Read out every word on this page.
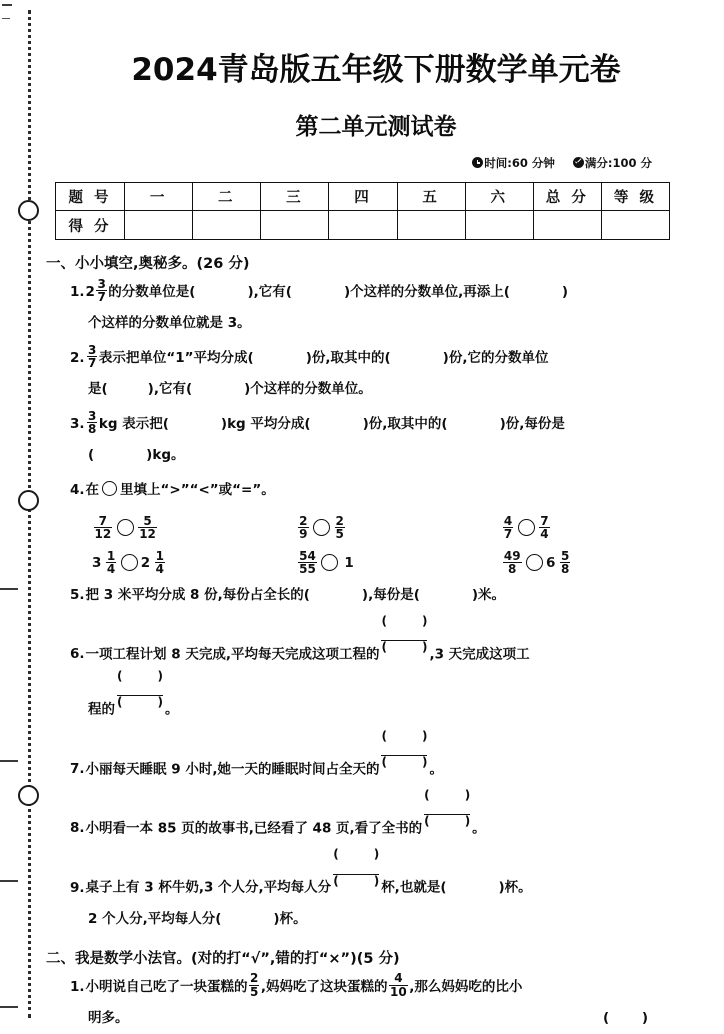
2024青岛版五年级下册数学单元卷
第二单元测试卷
时间:60 分钟	满分:100 分
题 号	一	二	三	四	五	六	总 分	等 级
得 分								
一、小小填空,奥秘多。(26 分)
$1.2 \frac{3}{7}$ 的分数单位是(	),它有(	)个这样的分数单位,再添上(	)
个这样的分数单位就是 3。
2. $\frac{3}{7}$ 表示把单位“1”平均分成(	)份,取其中的(	)份,它的分数单位
是(	),它有(	)个这样的分数单位。
3. $\frac{3}{8}$ kg 表示把(	)kg 平均分成(	)份,取其中的(	)份,每份是
(	)kg。
4.在 里填上“>”“<”或“=”。
$\frac{7}{12} \frac{5}{12}$	$\frac{2}{9} \frac{2}{5}$	$\frac{4}{7} \frac{7}{4}$
$3 \frac{1}{4} 2 \frac{1}{4}$	$\frac{54}{55} 1$	$\frac{49}{8} 6 \frac{5}{8}$
5.把 3 米平均分成 8 份,每份占全长的(	),每份是(	)米。
6.一项工程计划 8 天完成,平均每天完成这项工程的
(	)
(	) ,3 天完成这项工
程的
(	)
(	) 。
7.小丽每天睡眠 9 小时,她一天的睡眠时间占全天的
(	)
(	) 。
8.小明看一本 85 页的故事书,已经看了 48 页,看了全书的
(	)
(	) 。
9.桌子上有 3 杯牛奶,3 个人分,平均每人分
(	)
(	) 杯,也就是(	)杯。
2 个人分,平均每人分(	)杯。
二、我是数学小法官。(对的打“√”,错的打“×”)(5 分)
1.小明说自己吃了一块蛋糕的 $\frac{2}{5}$ ,妈妈吃了这块蛋糕的 $\frac{4}{10}$ ,那么妈妈吃的比小
明多。	( )
